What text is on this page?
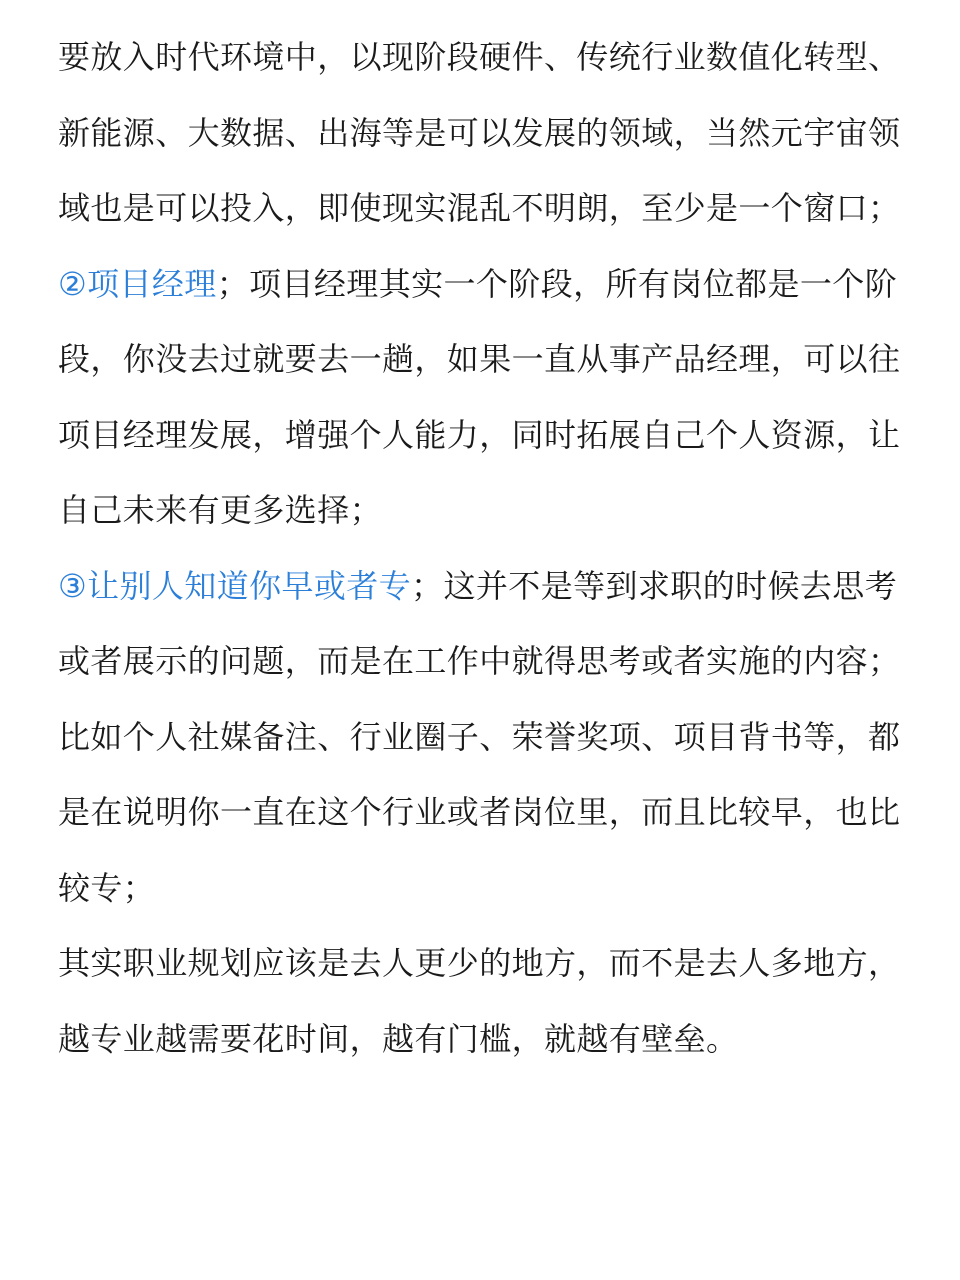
要放入时代环境中，以现阶段硬件、传统行业数值化转型、
新能源、大数据、出海等是可以发展的领域，当然元宇宙领
域也是可以投入，即使现实混乱不明朗，至少是一个窗口；
②项目经理；项目经理其实一个阶段，所有岗位都是一个阶
段，你没去过就要去一趟，如果一直从事产品经理，可以往
项目经理发展，增强个人能力，同时拓展自己个人资源，让
自己未来有更多选择；
③让别人知道你早或者专；这并不是等到求职的时候去思考
或者展示的问题，而是在工作中就得思考或者实施的内容；
比如个人社媒备注、行业圈子、荣誉奖项、项目背书等，都
是在说明你一直在这个行业或者岗位里，而且比较早，也比
较专；
其实职业规划应该是去人更少的地方，而不是去人多地方，
越专业越需要花时间，越有门槛，就越有壁垒。
